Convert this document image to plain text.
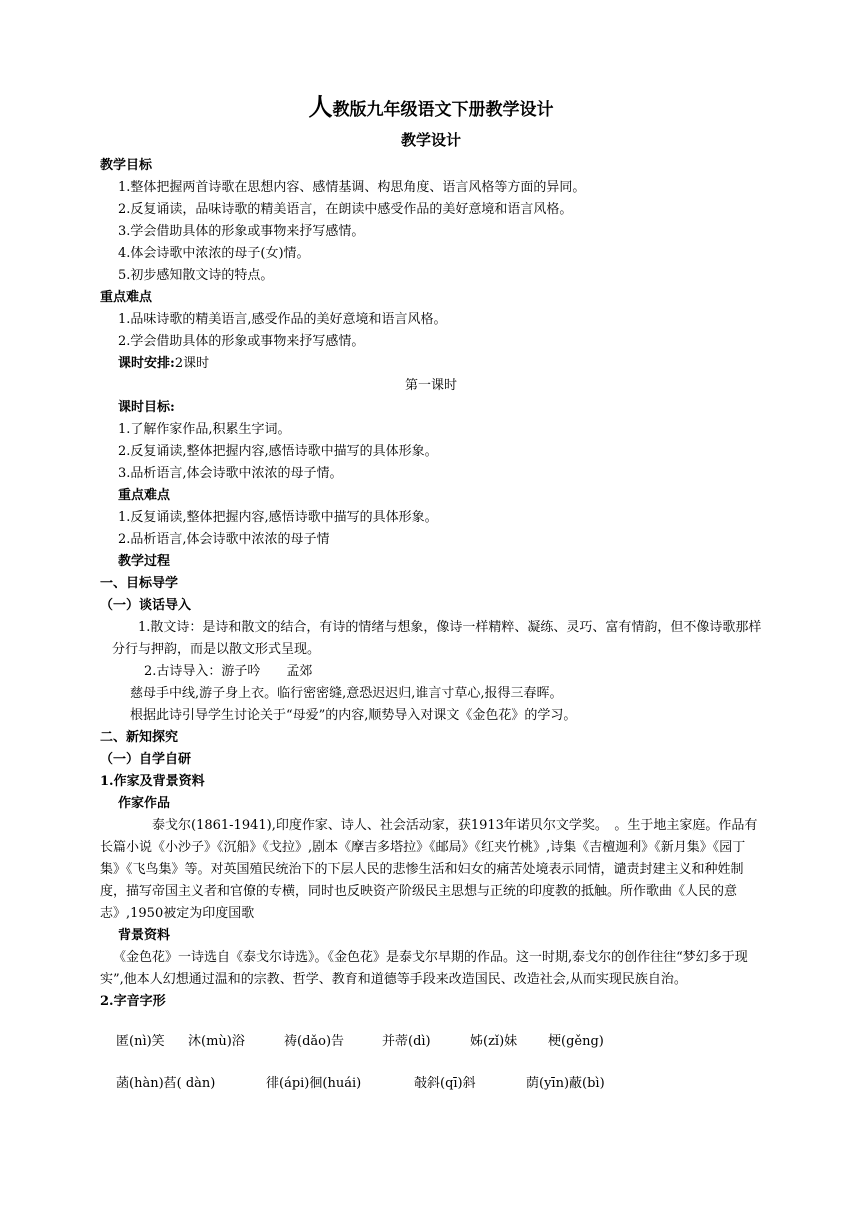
人教版九年级语文下册教学设计

教学设计

教学目标

1.整体把握两首诗歌在思想内容、感情基调、构思角度、语言风格等方面的异同。

2.反复诵读，品味诗歌的精美语言，在朗读中感受作品的美好意境和语言风格。

3.学会借助具体的形象或事物来抒写感情。

4.体会诗歌中浓浓的母子(女)情。

5.初步感知散文诗的特点。

重点难点

1.品味诗歌的精美语言,感受作品的美好意境和语言风格。

2.学会借助具体的形象或事物来抒写感情。

课时安排:2课时

第一课时

课时目标:

1.了解作家作品,积累生字词。

2.反复诵读,整体把握内容,感悟诗歌中描写的具体形象。

3.品析语言,体会诗歌中浓浓的母子情。

重点难点

1.反复诵读,整体把握内容,感悟诗歌中描写的具体形象。

2.品析语言,体会诗歌中浓浓的母子情

教学过程

一、目标导学

（一）谈话导入

1.散文诗：是诗和散文的结合，有诗的情绪与想象，像诗一样精粹、凝练、灵巧、富有情韵，但不像诗歌那样分行与押韵，而是以散文形式呈现。

2.古诗导入：游子吟　　孟郊

慈母手中线,游子身上衣。临行密密缝,意恐迟迟归,谁言寸草心,报得三春晖。

根据此诗引导学生讨论关于“母爱”的内容,顺势导入对课文《金色花》的学习。

二、新知探究

（一）自学自研

1.作家及背景资料

作家作品

泰戈尔(1861-1941),印度作家、诗人、社会活动家，获1913年诺贝尔文学奖。　。生于地主家庭。作品有长篇小说《小沙子》《沉船》《戈拉》,剧本《摩吉多塔拉》《邮局》《红夹竹桃》,诗集《吉檀迦利》《新月集》《园丁集》《飞鸟集》等。对英国殖民统治下的下层人民的悲惨生活和妇女的痛苦处境表示同情，谴责封建主义和种姓制度，描写帝国主义者和官僚的专横，同时也反映资产阶级民主思想与正统的印度教的抵触。所作歌曲《人民的意志》,1950被定为印度国歌

背景资料

《金色花》一诗选自《泰戈尔诗选》。《金色花》是泰戈尔早期的作品。这一时期,泰戈尔的创作往往“梦幻多于现实”,他本人幻想通过温和的宗教、哲学、教育和道德等手段来改造国民、改造社会,从而实现民族自治。

2.字音字形

匿(nì)笑	沐(mù)浴	祷(dǎo)告	并蒂(dì)	姊(zǐ)妹	梗(gěng)
菡(hàn)萏( dàn)	徘(ápi)徊(huái)	攲斜(qī)斜	荫(yīn)蔽(bì)
